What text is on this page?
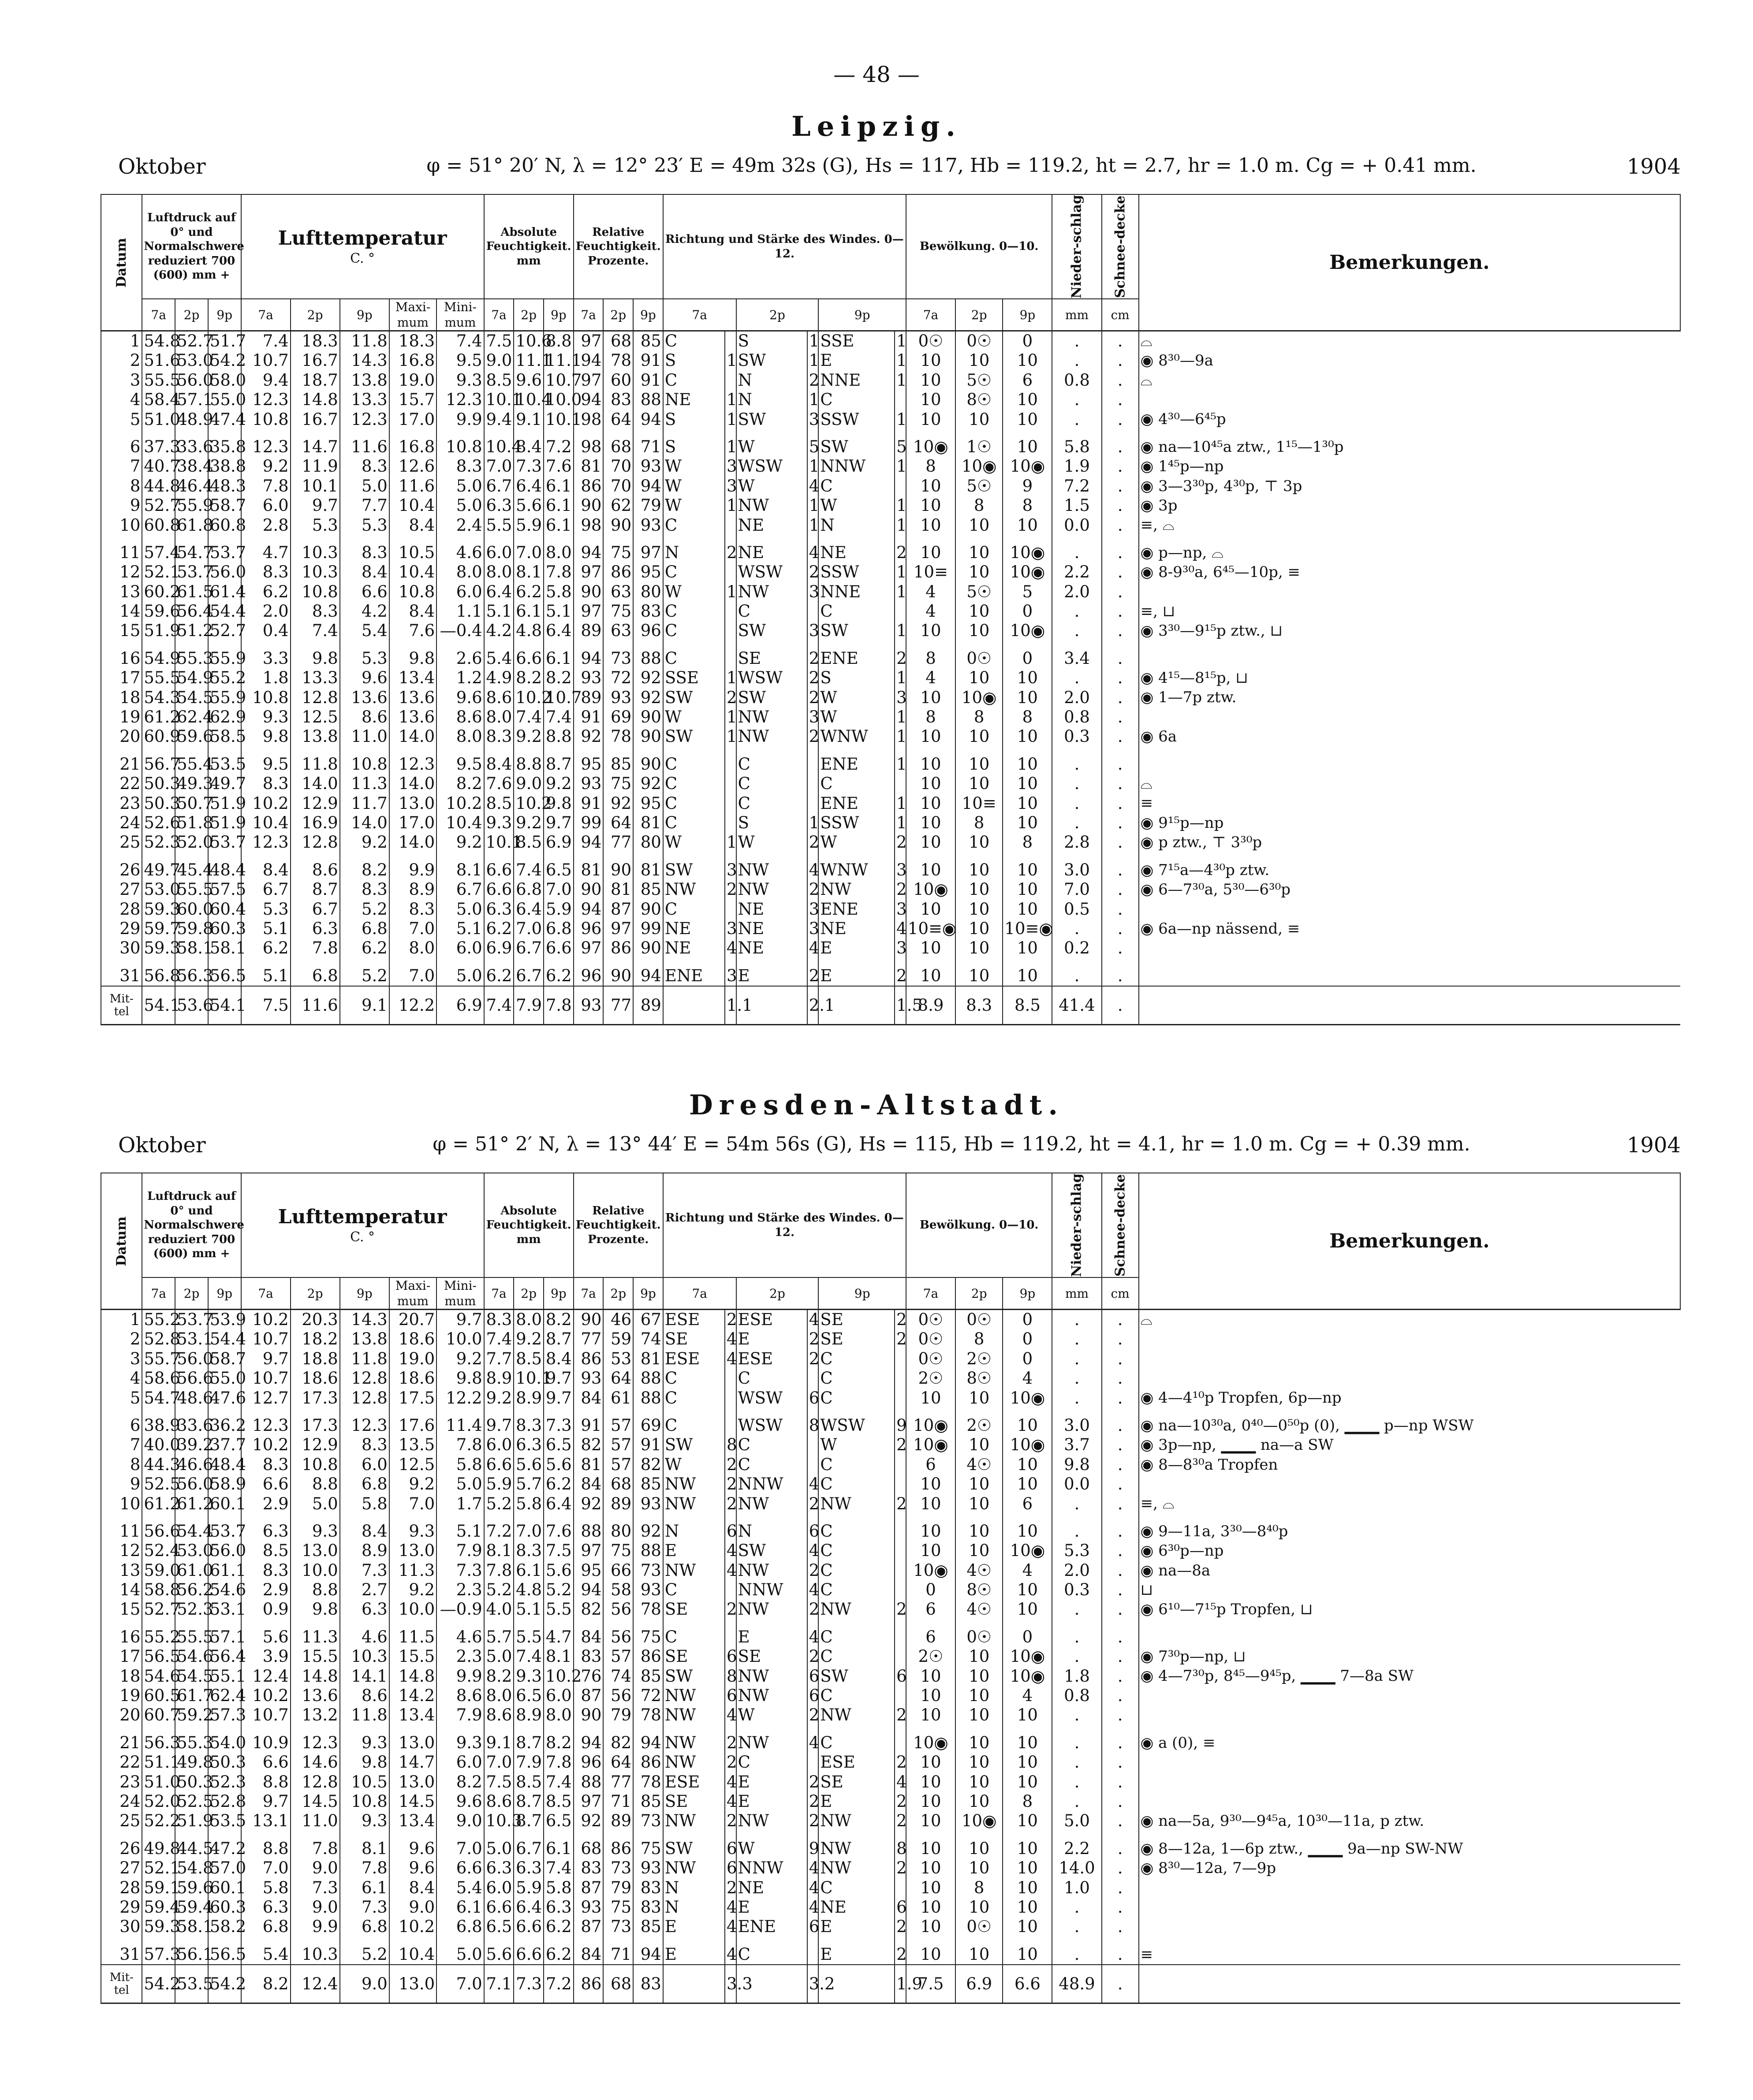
— 48 —
Leipzig.
Oktober	φ = 51° 20′ N, λ = 12° 23′ E = 49m 32s (G), Hs = 117, Hb = 119.2, ht = 2.7, hr = 1.0 m. Cg = + 0.41 mm.	1904
Datum	Luftdruck auf 0° und Normalschwere reduziert 700 (600) mm +			Lufttemperatur
C. °					Absolute Feuchtigkeit. mm			Relative Feuchtigkeit. Prozente.			Richtung und Stärke des Windes. 0—12.						Bewölkung. 0—10.			Nieder-schlag	Schnee-decke	Bemerkungen.
	7a	2p	9p	7a	2p	9p	Maxi-mum	Mini-mum	7a	2p	9p	7a	2p	9p	7a		2p		9p		7a	2p	9p	mm	cm	
1	54.8	52.7	51.7	7.4	18.3	11.8	18.3	7.4	7.5	10.6	8.8	97	68	85	C		S	1	SSE	1	0☉	0☉	0	.	.	⌓
2	51.6	53.0	54.2	10.7	16.7	14.3	16.8	9.5	9.0	11.1	11.1	94	78	91	S	1	SW	1	E	1	10	10	10	.	.	◉ 8³⁰—9a
3	55.5	56.0	58.0	9.4	18.7	13.8	19.0	9.3	8.5	9.6	10.7	97	60	91	C		N	2	NNE	1	10	5☉	6	0.8	.	⌓
4	58.4	57.1	55.0	12.3	14.8	13.3	15.7	12.3	10.1	10.4	10.0	94	83	88	NE	1	N	1	C		10	8☉	10	.	.	
5	51.0	48.9	47.4	10.8	16.7	12.3	17.0	9.9	9.4	9.1	10.1	98	64	94	S	1	SW	3	SSW	1	10	10	10	.	.	◉ 4³⁰—6⁴⁵p
6	37.3	33.6	35.8	12.3	14.7	11.6	16.8	10.8	10.4	8.4	7.2	98	68	71	S	1	W	5	SW	5	10◉	1☉	10	5.8	.	◉ na—10⁴⁵a ztw., 1¹⁵—1³⁰p
7	40.7	38.4	38.8	9.2	11.9	8.3	12.6	8.3	7.0	7.3	7.6	81	70	93	W	3	WSW	1	NNW	1	8	10◉	10◉	1.9	.	◉ 1⁴⁵p—np
8	44.8	46.4	48.3	7.8	10.1	5.0	11.6	5.0	6.7	6.4	6.1	86	70	94	W	3	W	4	C		10	5☉	9	7.2	.	◉ 3—3³⁰p, 4³⁰p, ⊤ 3p
9	52.7	55.9	58.7	6.0	9.7	7.7	10.4	5.0	6.3	5.6	6.1	90	62	79	W	1	NW	1	W	1	10	8	8	1.5	.	◉ 3p
10	60.8	61.8	60.8	2.8	5.3	5.3	8.4	2.4	5.5	5.9	6.1	98	90	93	C		NE	1	N	1	10	10	10	0.0	.	≡, ⌓
11	57.4	54.7	53.7	4.7	10.3	8.3	10.5	4.6	6.0	7.0	8.0	94	75	97	N	2	NE	4	NE	2	10	10	10◉	.	.	◉ p—np, ⌓
12	52.1	53.7	56.0	8.3	10.3	8.4	10.4	8.0	8.0	8.1	7.8	97	86	95	C		WSW	2	SSW	1	10≡	10	10◉	2.2	.	◉ 8-9³⁰a, 6⁴⁵—10p, ≡
13	60.2	61.5	61.4	6.2	10.8	6.6	10.8	6.0	6.4	6.2	5.8	90	63	80	W	1	NW	3	NNE	1	4	5☉	5	2.0	.	
14	59.6	56.4	54.4	2.0	8.3	4.2	8.4	1.1	5.1	6.1	5.1	97	75	83	C		C		C		4	10	0	.	.	≡, ⊔
15	51.9	51.2	52.7	0.4	7.4	5.4	7.6	—0.4	4.2	4.8	6.4	89	63	96	C		SW	3	SW	1	10	10	10◉	.	.	◉ 3³⁰—9¹⁵p ztw., ⊔
16	54.9	55.3	55.9	3.3	9.8	5.3	9.8	2.6	5.4	6.6	6.1	94	73	88	C		SE	2	ENE	2	8	0☉	0	3.4	.	
17	55.5	54.9	55.2	1.8	13.3	9.6	13.4	1.2	4.9	8.2	8.2	93	72	92	SSE	1	WSW	2	S	1	4	10	10	.	.	◉ 4¹⁵—8¹⁵p, ⊔
18	54.3	54.5	55.9	10.8	12.8	13.6	13.6	9.6	8.6	10.2	10.7	89	93	92	SW	2	SW	2	W	3	10	10◉	10	2.0	.	◉ 1—7p ztw.
19	61.2	62.4	62.9	9.3	12.5	8.6	13.6	8.6	8.0	7.4	7.4	91	69	90	W	1	NW	3	W	1	8	8	8	0.8	.	
20	60.9	59.6	58.5	9.8	13.8	11.0	14.0	8.0	8.3	9.2	8.8	92	78	90	SW	1	NW	2	WNW	1	10	10	10	0.3	.	◉ 6a
21	56.7	55.4	53.5	9.5	11.8	10.8	12.3	9.5	8.4	8.8	8.7	95	85	90	C		C		ENE	1	10	10	10	.	.	
22	50.3	49.3	49.7	8.3	14.0	11.3	14.0	8.2	7.6	9.0	9.2	93	75	92	C		C		C		10	10	10	.	.	⌓
23	50.3	50.7	51.9	10.2	12.9	11.7	13.0	10.2	8.5	10.2	9.8	91	92	95	C		C		ENE	1	10	10≡	10	.	.	≡
24	52.6	51.8	51.9	10.4	16.9	14.0	17.0	10.4	9.3	9.2	9.7	99	64	81	C		S	1	SSW	1	10	8	10	.	.	◉ 9¹⁵p—np
25	52.3	52.0	53.7	12.3	12.8	9.2	14.0	9.2	10.1	8.5	6.9	94	77	80	W	1	W	2	W	2	10	10	8	2.8	.	◉ p ztw., ⊤ 3³⁰p
26	49.7	45.4	48.4	8.4	8.6	8.2	9.9	8.1	6.6	7.4	6.5	81	90	81	SW	3	NW	4	WNW	3	10	10	10	3.0	.	◉ 7¹⁵a—4³⁰p ztw.
27	53.0	55.5	57.5	6.7	8.7	8.3	8.9	6.7	6.6	6.8	7.0	90	81	85	NW	2	NW	2	NW	2	10◉	10	10	7.0	.	◉ 6—7³⁰a, 5³⁰—6³⁰p
28	59.3	60.0	60.4	5.3	6.7	5.2	8.3	5.0	6.3	6.4	5.9	94	87	90	C		NE	3	ENE	3	10	10	10	0.5	.	
29	59.7	59.8	60.3	5.1	6.3	6.8	7.0	5.1	6.2	7.0	6.8	96	97	99	NE	3	NE	3	NE	4	10≡◉	10	10≡◉	.	.	◉ 6a—np nässend, ≡
30	59.3	58.1	58.1	6.2	7.8	6.2	8.0	6.0	6.9	6.7	6.6	97	86	90	NE	4	NE	4	E	3	10	10	10	0.2	.	
31	56.8	56.3	56.5	5.1	6.8	5.2	7.0	5.0	6.2	6.7	6.2	96	90	94	ENE	3	E	2	E	2	10	10	10	.	.	
Mit-tel	54.1	53.6	54.1	7.5	11.6	9.1	12.2	6.9	7.4	7.9	7.8	93	77	89		1.1		2.1		1.5	8.9	8.3	8.5	41.4	.	
Dresden-Altstadt.
Oktober	φ = 51° 2′ N, λ = 13° 44′ E = 54m 56s (G), Hs = 115, Hb = 119.2, ht = 4.1, hr = 1.0 m. Cg = + 0.39 mm.	1904
Datum	Luftdruck auf 0° und Normalschwere reduziert 700 (600) mm +			Lufttemperatur
C. °					Absolute Feuchtigkeit. mm			Relative Feuchtigkeit. Prozente.			Richtung und Stärke des Windes. 0—12.						Bewölkung. 0—10.			Nieder-schlag	Schnee-decke	Bemerkungen.
	7a	2p	9p	7a	2p	9p	Maxi-mum	Mini-mum	7a	2p	9p	7a	2p	9p	7a		2p		9p		7a	2p	9p	mm	cm	
1	55.2	53.7	53.9	10.2	20.3	14.3	20.7	9.7	8.3	8.0	8.2	90	46	67	ESE	2	ESE	4	SE	2	0☉	0☉	0	.	.	⌓
2	52.8	53.1	54.4	10.7	18.2	13.8	18.6	10.0	7.4	9.2	8.7	77	59	74	SE	4	E	2	SE	2	0☉	8	0	.	.	
3	55.7	56.0	58.7	9.7	18.8	11.8	19.0	9.2	7.7	8.5	8.4	86	53	81	ESE	4	ESE	2	C		0☉	2☉	0	.	.	
4	58.6	56.6	55.0	10.7	18.6	12.8	18.6	9.8	8.9	10.1	9.7	93	64	88	C		C		C		2☉	8☉	4	.	.	
5	54.7	48.6	47.6	12.7	17.3	12.8	17.5	12.2	9.2	8.9	9.7	84	61	88	C		WSW	6	C		10	10	10◉	.	.	◉ 4—4¹⁰p Tropfen, 6p—np
6	38.9	33.6	36.2	12.3	17.3	12.3	17.6	11.4	9.7	8.3	7.3	91	57	69	C		WSW	8	WSW	9	10◉	2☉	10	3.0	.	◉ na—10³⁰a, 0⁴⁰—0⁵⁰p (0), ▁▁▁ p—np WSW
7	40.0	39.2	37.7	10.2	12.9	8.3	13.5	7.8	6.0	6.3	6.5	82	57	91	SW	8	C		W	2	10◉	10	10◉	3.7	.	◉ 3p—np, ▁▁▁ na—a SW
8	44.3	46.6	48.4	8.3	10.8	6.0	12.5	5.8	6.6	5.6	5.6	81	57	82	W	2	C		C		6	4☉	10	9.8	.	◉ 8—8³⁰a Tropfen
9	52.5	56.0	58.9	6.6	8.8	6.8	9.2	5.0	5.9	5.7	6.2	84	68	85	NW	2	NNW	4	C		10	10	10	0.0	.	
10	61.2	61.2	60.1	2.9	5.0	5.8	7.0	1.7	5.2	5.8	6.4	92	89	93	NW	2	NW	2	NW	2	10	10	6	.	.	≡, ⌓
11	56.6	54.4	53.7	6.3	9.3	8.4	9.3	5.1	7.2	7.0	7.6	88	80	92	N	6	N	6	C		10	10	10	.	.	◉ 9—11a, 3³⁰—8⁴⁰p
12	52.4	53.0	56.0	8.5	13.0	8.9	13.0	7.9	8.1	8.3	7.5	97	75	88	E	4	SW	4	C		10	10	10◉	5.3	.	◉ 6³⁰p—np
13	59.0	61.0	61.1	8.3	10.0	7.3	11.3	7.3	7.8	6.1	5.6	95	66	73	NW	4	NW	2	C		10◉	4☉	4	2.0	.	◉ na—8a
14	58.8	56.2	54.6	2.9	8.8	2.7	9.2	2.3	5.2	4.8	5.2	94	58	93	C		NNW	4	C		0	8☉	10	0.3	.	⊔
15	52.7	52.3	53.1	0.9	9.8	6.3	10.0	—0.9	4.0	5.1	5.5	82	56	78	SE	2	NW	2	NW	2	6	4☉	10	.	.	◉ 6¹⁰—7¹⁵p Tropfen, ⊔
16	55.2	55.5	57.1	5.6	11.3	4.6	11.5	4.6	5.7	5.5	4.7	84	56	75	C		E	4	C		6	0☉	0	.	.	
17	56.5	54.6	56.4	3.9	15.5	10.3	15.5	2.3	5.0	7.4	8.1	83	57	86	SE	6	SE	2	C		2☉	10	10◉	.	.	◉ 7³⁰p—np, ⊔
18	54.6	54.5	55.1	12.4	14.8	14.1	14.8	9.9	8.2	9.3	10.2	76	74	85	SW	8	NW	6	SW	6	10	10	10◉	1.8	.	◉ 4—7³⁰p, 8⁴⁵—9⁴⁵p, ▁▁▁ 7—8a SW
19	60.5	61.7	62.4	10.2	13.6	8.6	14.2	8.6	8.0	6.5	6.0	87	56	72	NW	6	NW	6	C		10	10	4	0.8	.	
20	60.7	59.2	57.3	10.7	13.2	11.8	13.4	7.9	8.6	8.9	8.0	90	79	78	NW	4	W	2	NW	2	10	10	10	.	.	
21	56.3	55.3	54.0	10.9	12.3	9.3	13.0	9.3	9.1	8.7	8.2	94	82	94	NW	2	NW	4	C		10◉	10	10	.	.	◉ a (0), ≡
22	51.1	49.8	50.3	6.6	14.6	9.8	14.7	6.0	7.0	7.9	7.8	96	64	86	NW	2	C		ESE	2	10	10	10	.	.	
23	51.0	50.3	52.3	8.8	12.8	10.5	13.0	8.2	7.5	8.5	7.4	88	77	78	ESE	4	E	2	SE	4	10	10	10	.	.	
24	52.0	52.5	52.8	9.7	14.5	10.8	14.5	9.6	8.6	8.7	8.5	97	71	85	SE	4	E	2	E	2	10	10	8	.	.	
25	52.2	51.9	53.5	13.1	11.0	9.3	13.4	9.0	10.3	8.7	6.5	92	89	73	NW	2	NW	2	NW	2	10	10◉	10	5.0	.	◉ na—5a, 9³⁰—9⁴⁵a, 10³⁰—11a, p ztw.
26	49.8	44.5	47.2	8.8	7.8	8.1	9.6	7.0	5.0	6.7	6.1	68	86	75	SW	6	W	9	NW	8	10	10	10	2.2	.	◉ 8—12a, 1—6p ztw., ▁▁▁ 9a—np SW-NW
27	52.1	54.8	57.0	7.0	9.0	7.8	9.6	6.6	6.3	6.3	7.4	83	73	93	NW	6	NNW	4	NW	2	10	10	10	14.0	.	◉ 8³⁰—12a, 7—9p
28	59.1	59.6	60.1	5.8	7.3	6.1	8.4	5.4	6.0	5.9	5.8	87	79	83	N	2	NE	4	C		10	8	10	1.0	.	
29	59.4	59.4	60.3	6.3	9.0	7.3	9.0	6.1	6.6	6.4	6.3	93	75	83	N	4	E	4	NE	6	10	10	10	.	.	
30	59.3	58.1	58.2	6.8	9.9	6.8	10.2	6.8	6.5	6.6	6.2	87	73	85	E	4	ENE	6	E	2	10	0☉	10	.	.	
31	57.3	56.1	56.5	5.4	10.3	5.2	10.4	5.0	5.6	6.6	6.2	84	71	94	E	4	C		E	2	10	10	10	.	.	≡
Mit-tel	54.2	53.5	54.2	8.2	12.4	9.0	13.0	7.0	7.1	7.3	7.2	86	68	83		3.3		3.2		1.9	7.5	6.9	6.6	48.9	.	
